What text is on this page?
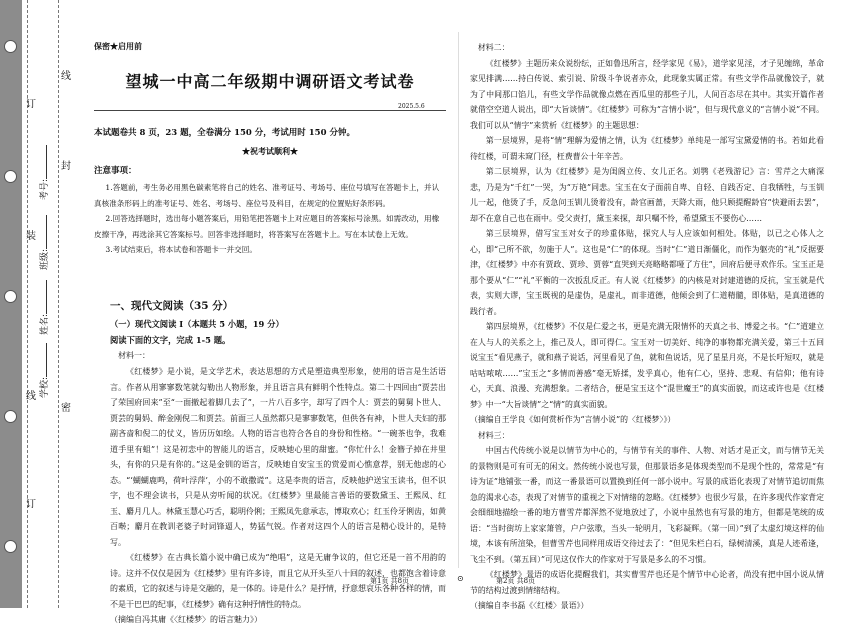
线
封
密
订
装
线
订
学校:
姓名:
班级:
考号:
保密★启用前
望城一中高二年级期中调研语文考试卷
2025.5.6
本试题卷共 8 页，23 题，全卷满分 150 分，考试用时 150 分钟。
★祝考试顺利★
注意事项：

1.答题前，考生务必用黑色碳素笔将自己的姓名、准考证号、考场号、座位号填写在答题卡上，并认真核准条形码上的准考证号、姓名、考场号、座位号及科目，在规定的位置贴好条形码。

2.回答选择题时，选出每小题答案后，用铅笔把答题卡上对应题目的答案标号涂黑。如需改动，用橡皮擦干净，再选涂其它答案标号。回答非选择题时，将答案写在答题卡上。写在本试卷上无效。

3.考试结束后，将本试卷和答题卡一并交回。

一、现代文阅读（35 分）
（一）现代文阅读 I（本题共 5 小题，19 分）
阅读下面的文字，完成 1-5 题。
材料一：

《红楼梦》是小说，是文学艺术，表达思想的方式是塑造典型形象，使用的语言是生活语言。作者从用寥寥数笔就勾勒出人物形象，并且语言具有鲜明个性特点。第二十四回由“贾芸出了荣国府回来”至“一面撤起着脚几去了”，一片八百多字，却写了四个人：贾芸的舅舅卜世人、贾芸的舅妈、醉金刚倪二和贾芸。前面三人虽然都只是寥寥数笔，但供各有神，卜世人夫妇的那副吝啬和倪二的仗义，皆历历如绘。人物的语言也符合各自的身份和性格。“一碗茶也争，我难道手里有蛆”！这是初恋中的智能儿的语言，反映她心里的甜蜜。“你忙什么！金簪子掉在井里头，有你的只是有你的。”这是金钏的语言，反映她自安宝玉的赏爱而心憔意荐，别无他虑的心态。“‘蝴蝴鹿鸣，荷叶浮萍’，小的不敢撒谎”。这是李贵的语言，反映他护送宝玉读书，但不识字，也不理会读书，只是从旁听闻的状况。《红楼梦》里最能言善语的要数黛玉、王熙凤、红玉、麝月几人。林黛玉慧心巧舌，聪明伶俐；王熙凤先意承志，博取欢心；红玉伶牙俐齿，如黄百啭；麝月在教训老婆子时词锋逼人，势猛气锐。作者对这四个人的语言是精心设计的，是特写。

《红楼梦》在古典长篇小说中确已成为“绝唱”，这是无庸争议的，但它还是一首不用韵的诗。这并不仅仅是因为《红楼梦》里有许多诗，而且它从开头至八十回的叙述，也都饱含着诗意的素质，它的叙述与诗是交融的，是一体的。诗是什么？是抒情，抒意想哀乐各种各样的情，而不是干巴巴的纪事，《红楼梦》确有这种抒情性的特点。

（摘编自冯其庸《〈红楼梦〉的语言魅力》）

材料二：

《红楼梦》主题历来众说纷纭，正如鲁迅所言，经学家见《易》，道学家见淫，才子见缠绵，革命家见排满……持白传说、索引说、阶级斗争说者亦众，此现象实属正常。有些文学作品就像饺子，就为了中间那口馅儿，有些文学作品就像点燃在西瓜里的那些子儿，人间百态尽在其中。其实开篇作者就借空空道人说出，即“大旨谈情”。《红楼梦》可称为“言情小说”，但与现代意义的“言情小说”不同。我们可以从“情字”来赏析《红楼梦》的主题思想：

第一层境界，是将“情”理解为爱情之情，认为《红楼梦》单纯是一部写宝黛爱情的书。若如此看待红楼，可谓未窥门径，枉费曹公十年辛苦。

第二层境界，认为《红楼梦》是为闺阁立传、女儿正名。刘鹗《老残游记》言：雪芹之大痛深悲，乃是为“千红”一哭，为“万艳”同悲。宝玉在女子面前自卑、自轻、自践否定、自我牺牲，与玉钏儿一起，他烫了手，反急问玉钏儿烫着没有，龄官画蔷，天降大雨，他只顾提醒龄官“快避雨去罢”，却不在意自己也在雨中。受父责打，黛玉来探，却只嘱不怜，希望黛玉不要伤心……

第三层境界，借写宝玉对女子的珍重体贴，探究人与人应该如何相处。体贴，以已之心体人之心，即“己所不欲，勿施于人”。这也是“仁”的体现。当时“仁”道日渐僵化，而作为躯壳的“礼”反据要津，《红楼梦》中亦有贾政、贾珍、贾蓉“直哭到天亮略略都哑了方住”，回府后便寻欢作乐。宝玉正是那个要从“仁”“礼”平衡的一次扳乱反正。有人说《红楼梦》的内核是对封建道德的反抗，宝玉就是代表，实则大谬，宝玉既视的是虚伪，是虚礼，而非道德，他倾会到了仁道精髓，即体贴，是真道德的践行者。

第四层境界，《红楼梦》不仅是仁爱之书，更是充满无限情怀的天真之书、博爱之书。“仁”道建立在人与人的关系之上，推己及人，即可得仁。宝玉对一切美好、纯净的事物都充满关爱，第三十五回说宝玉“看见燕子，就和燕子说话，河里看见了鱼，就和鱼说话，见了星星月亮，不是长吁短叹，就是咕咕哝哝……”宝玉之“多情而善感”毫无矫揉，发乎真心，他有仁心，坚持、悲观、有信仰；他有诗心，天真、浪漫、充满想象。二者结合，便是宝玉这个“混世魔王”的真实面貌，而这或许也是《红楼梦》中一“大旨谈情”之“情”的真实面貌。

（摘编自王学良《如何赏析作为“言情小说”的〈红楼梦〉》）

材料三：

中国古代传统小说是以情节为中心的，与情节有关的事件、人物、对话才是正文，而与情节无关的景物则是可有可无的闲文。然传统小说也写景，但那景语多是体现类型而不是现个性的，常常是“有诗为证”地铺张一番，而这一番景语可以置换到任何一部小说中。写景的成语化表现了对情节追切而焦急的渴求心态，表现了对情节的重视之下对情绪的忽略。《红楼梦》也很少写景，在许多现代作家背定会细细地描绘一番的地方曹雪芹都浑然不觉地放过了，小说中虽然也有写景的地方，但都是笔统的成语：“当时街坊上家家箫管，户户弦歌，当头一轮明月，飞彩凝辉。（第一回）”到了太虚幻境这样的仙境，本该有所渲染，但曹雪芹也同样用成语交待过去了：“但见朱栏白石，绿树清溪，真是人迹希逢，飞尘不到。（第五回）”可见这仅作大的作家对于写景是多么的不习惯。

《红楼梦》景语的成语化提醒我们，其实曹雪芹也还是个情节中心论者，尚没有把中国小说从情节的结构过渡到情绪结构。

（摘编自李书磊《〈红楼〉景语》）

第1页 共8页	⊙	第2页 共8页
